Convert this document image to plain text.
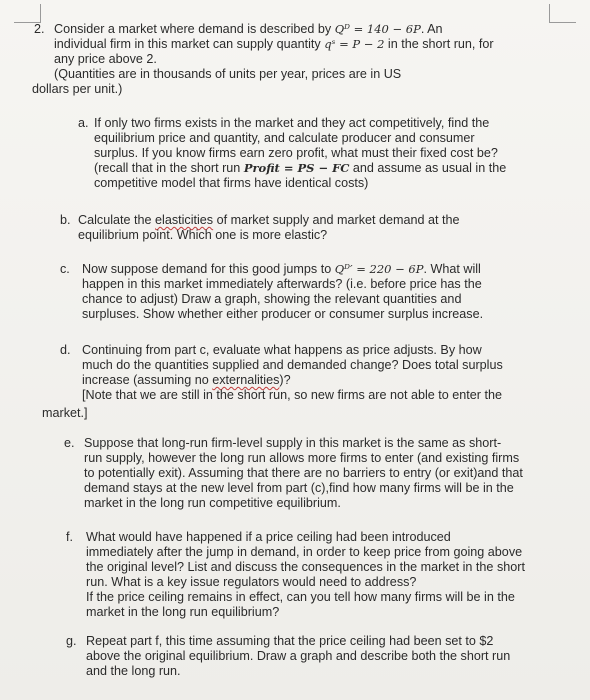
2. Consider a market where demand is described by Qᴰ = 140 − 6P. An

individual firm in this market can supply quantity qˢ = P − 2 in the short run, for

any price above 2.

(Quantities are in thousands of units per year, prices are in US

dollars per unit.)

a. If only two firms exists in the market and they act competitively, find the

equilibrium price and quantity, and calculate producer and consumer

surplus. If you know firms earn zero profit, what must their fixed cost be?

(recall that in the short run Profit = PS − FC and assume as usual in the

competitive model that firms have identical costs)

b. Calculate the elasticities of market supply and market demand at the

equilibrium point. Which one is more elastic?

c. Now suppose demand for this good jumps to Qᴰ′ = 220 − 6P. What will

happen in this market immediately afterwards? (i.e. before price has the

chance to adjust) Draw a graph, showing the relevant quantities and

surpluses. Show whether either producer or consumer surplus increase.

d. Continuing from part c, evaluate what happens as price adjusts. By how

much do the quantities supplied and demanded change? Does total surplus

increase (assuming no externalities)?

[Note that we are still in the short run, so new firms are not able to enter the

market.]

e. Suppose that long-run firm-level supply in this market is the same as short-

run supply, however the long run allows more firms to enter (and existing firms

to potentially exit). Assuming that there are no barriers to entry (or exit)and that

demand stays at the new level from part (c),find how many firms will be in the

market in the long run competitive equilibrium.

f. What would have happened if a price ceiling had been introduced

immediately after the jump in demand, in order to keep price from going above

the original level? List and discuss the consequences in the market in the short

run. What is a key issue regulators would need to address?

If the price ceiling remains in effect, can you tell how many firms will be in the

market in the long run equilibrium?

g. Repeat part f, this time assuming that the price ceiling had been set to $2

above the original equilibrium. Draw a graph and describe both the short run

and the long run.
